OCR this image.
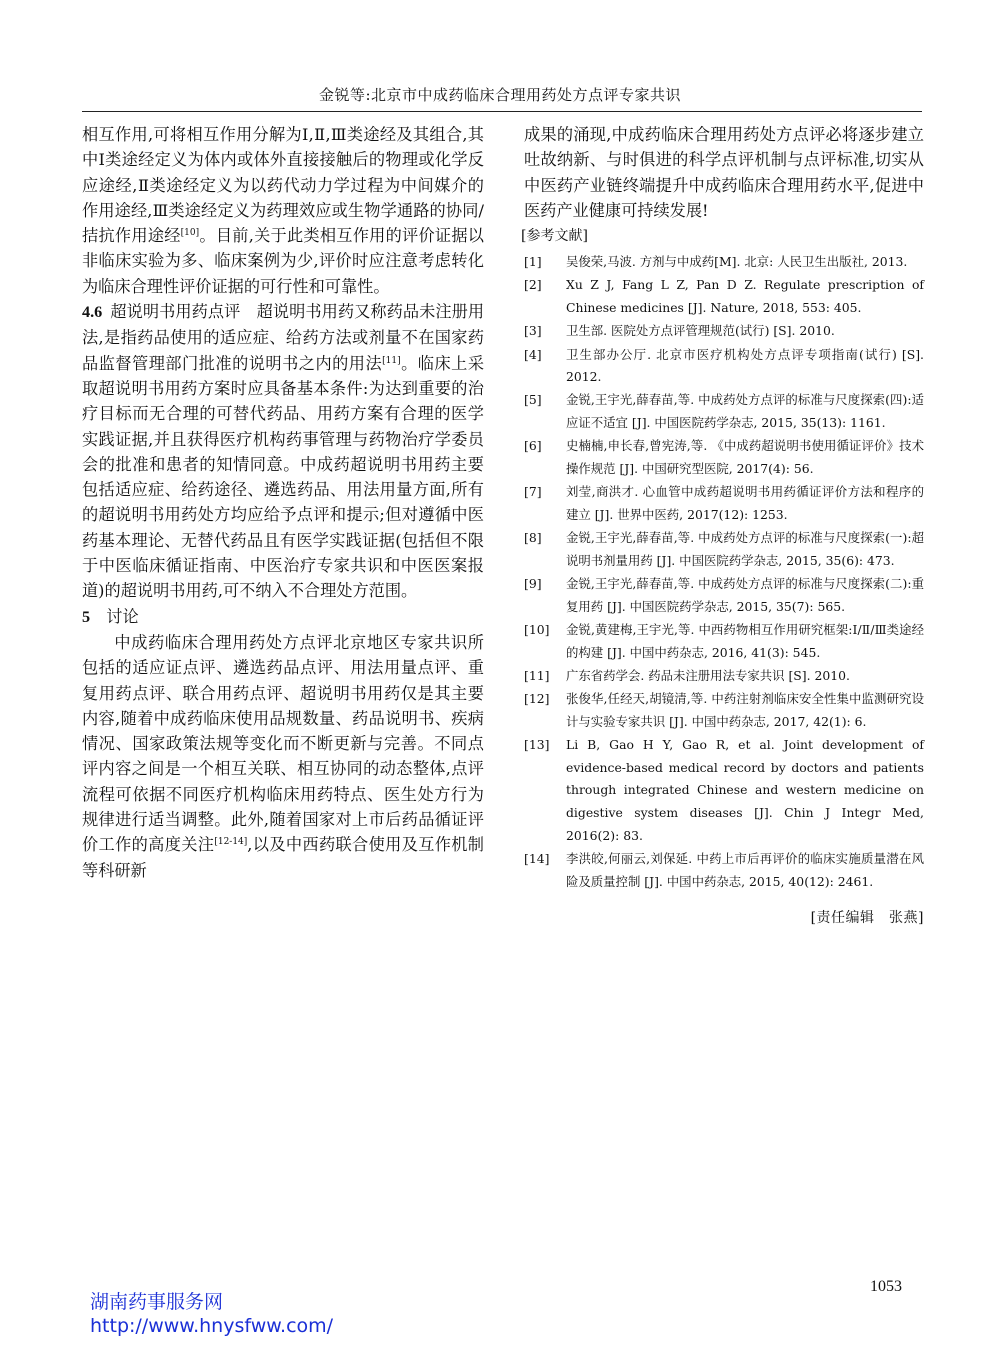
金锐等:北京市中成药临床合理用药处方点评专家共识

相互作用,可将相互作用分解为Ⅰ,Ⅱ,Ⅲ类途经及其组合,其中Ⅰ类途经定义为体内或体外直接接触后的物理或化学反应途经,Ⅱ类途经定义为以药代动力学过程为中间媒介的作用途经,Ⅲ类途经定义为药理效应或生物学通路的协同/拮抗作用途经[10]。目前,关于此类相互作用的评价证据以非临床实验为多、临床案例为少,评价时应注意考虑转化为临床合理性评价证据的可行性和可靠性。

4.6 超说明书用药点评 超说明书用药又称药品未注册用法,是指药品使用的适应症、给药方法或剂量不在国家药品监督管理部门批准的说明书之内的用法[11]。临床上采取超说明书用药方案时应具备基本条件:为达到重要的治疗目标而无合理的可替代药品、用药方案有合理的医学实践证据,并且获得医疗机构药事管理与药物治疗学委员会的批准和患者的知情同意。中成药超说明书用药主要包括适应症、给药途径、遴选药品、用法用量方面,所有的超说明书用药处方均应给予点评和提示;但对遵循中医药基本理论、无替代药品且有医学实践证据(包括但不限于中医临床循证指南、中医治疗专家共识和中医医案报道)的超说明书用药,可不纳入不合理处方范围。

5 讨论

中成药临床合理用药处方点评北京地区专家共识所包括的适应证点评、遴选药品点评、用法用量点评、重复用药点评、联合用药点评、超说明书用药仅是其主要内容,随着中成药临床使用品规数量、药品说明书、疾病情况、国家政策法规等变化而不断更新与完善。不同点评内容之间是一个相互关联、相互协同的动态整体,点评流程可依据不同医疗机构临床用药特点、医生处方行为规律进行适当调整。此外,随着国家对上市后药品循证评价工作的高度关注[12-14],以及中西药联合使用及互作机制等科研新

成果的涌现,中成药临床合理用药处方点评必将逐步建立吐故纳新、与时俱进的科学点评机制与点评标准,切实从中医药产业链终端提升中成药临床合理用药水平,促进中医药产业健康可持续发展!

[参考文献]
[1]	吴俊荣,马波. 方剂与中成药[M]. 北京: 人民卫生出版社, 2013.
[2]	Xu Z J, Fang L Z, Pan D Z. Regulate prescription of Chinese medicines [J]. Nature, 2018, 553: 405.
[3]	卫生部. 医院处方点评管理规范(试行) [S]. 2010.
[4]	卫生部办公厅. 北京市医疗机构处方点评专项指南(试行) [S]. 2012.
[5]	金锐,王宇光,薛春苗,等. 中成药处方点评的标准与尺度探索(四):适应证不适宜 [J]. 中国医院药学杂志, 2015, 35(13): 1161.
[6]	史楠楠,申长春,曾宪涛,等. 《中成药超说明书使用循证评价》技术操作规范 [J]. 中国研究型医院, 2017(4): 56.
[7]	刘莹,商洪才. 心血管中成药超说明书用药循证评价方法和程序的建立 [J]. 世界中医药, 2017(12): 1253.
[8]	金锐,王宇光,薛春苗,等. 中成药处方点评的标准与尺度探索(一):超说明书剂量用药 [J]. 中国医院药学杂志, 2015, 35(6): 473.
[9]	金锐,王宇光,薛春苗,等. 中成药处方点评的标准与尺度探索(二):重复用药 [J]. 中国医院药学杂志, 2015, 35(7): 565.
[10]	金锐,黄建梅,王宇光,等. 中西药物相互作用研究框架:Ⅰ/Ⅱ/Ⅲ类途经的构建 [J]. 中国中药杂志, 2016, 41(3): 545.
[11]	广东省药学会. 药品未注册用法专家共识 [S]. 2010.
[12]	张俊华,任经天,胡镜清,等. 中药注射剂临床安全性集中监测研究设计与实验专家共识 [J]. 中国中药杂志, 2017, 42(1): 6.
[13]	Li B, Gao H Y, Gao R, et al. Joint development of evidence-based medical record by doctors and patients through integrated Chinese and western medicine on digestive system diseases [J]. Chin J Integr Med, 2016(2): 83.
[14]	李洪皎,何丽云,刘保延. 中药上市后再评价的临床实施质量潜在风险及质量控制 [J]. 中国中药杂志, 2015, 40(12): 2461.
[责任编辑　张燕]
1053
湖南药事服务网
http://www.hnysfww.com/
